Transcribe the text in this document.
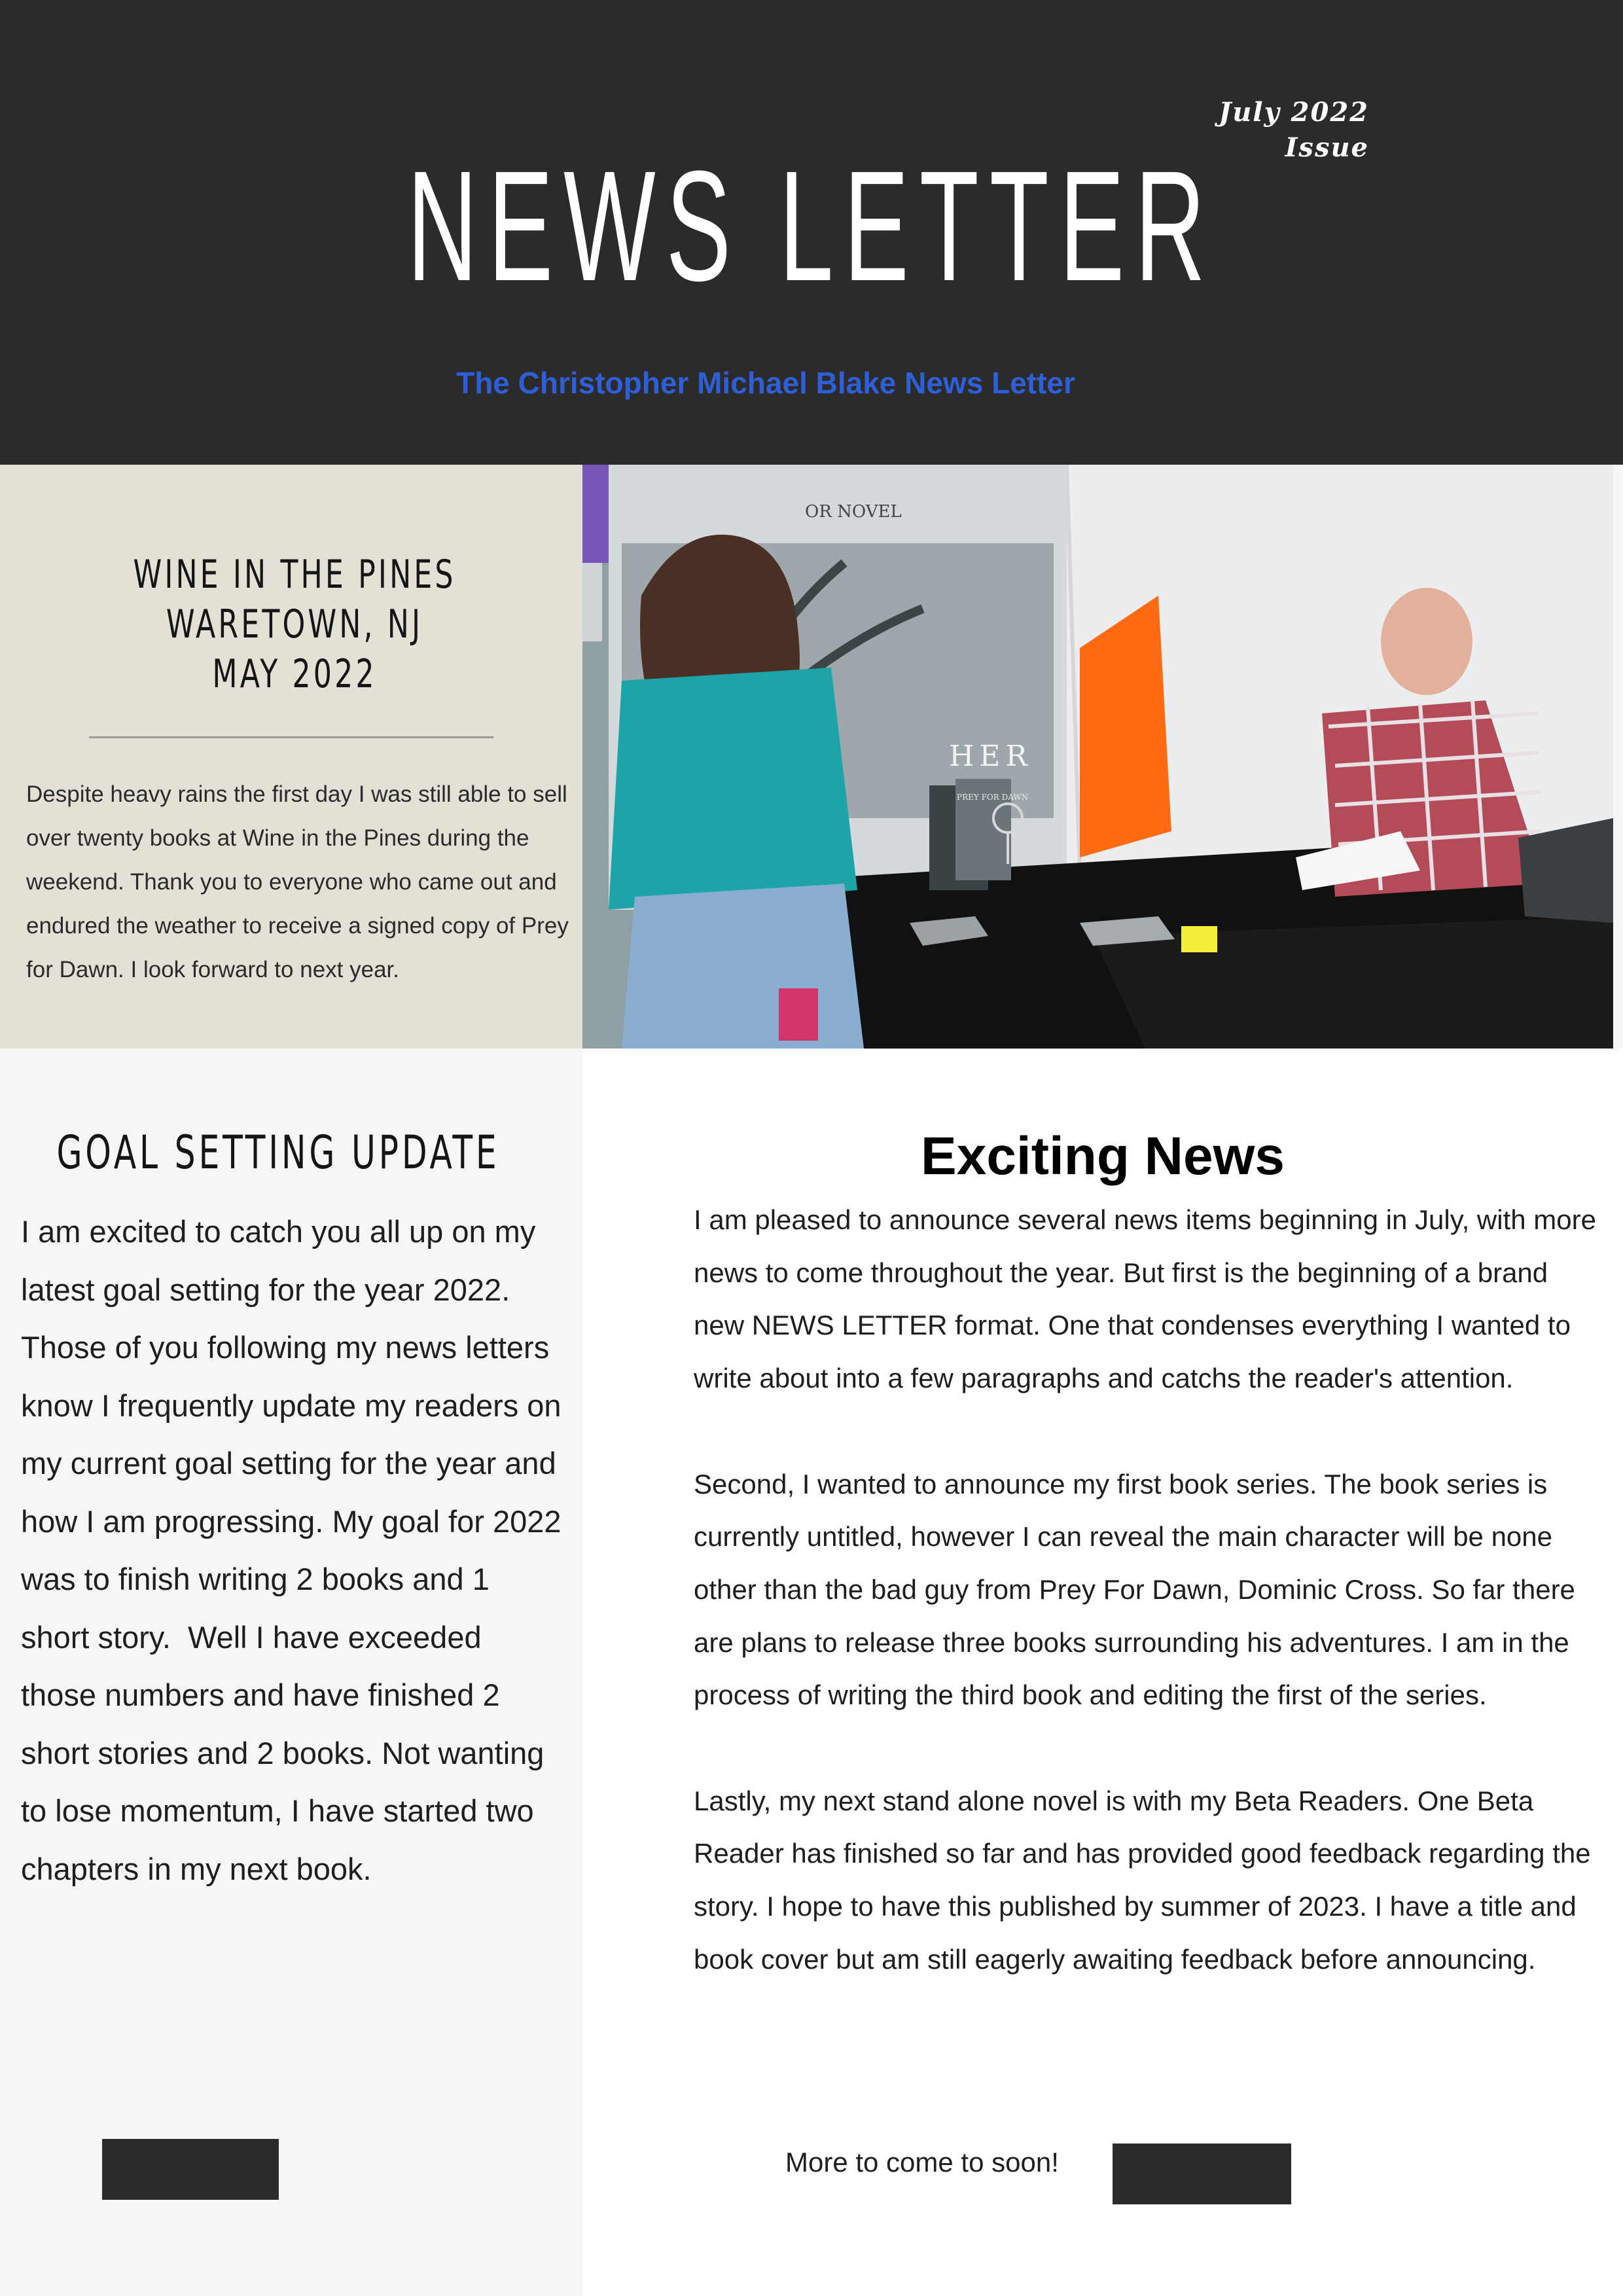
July 2022
Issue
NEWS LETTER
The Christopher Michael Blake News Letter
WINE IN THE PINES
WARETOWN, NJ
MAY 2022
Despite heavy rains the first day I was still able to sell over twenty books at Wine in the Pines during the weekend. Thank you to everyone who came out and endured the weather to receive a signed copy of Prey for Dawn. I look forward to next year.
OR NOVEL
HER
PREY FOR DAWN
GOAL SETTING UPDATE
I am excited to catch you all up on my latest goal setting for the year 2022.  Those of you following my news letters know I frequently update my readers on my current goal setting for the year and how I am progressing. My goal for 2022 was to finish writing 2 books and 1 short story.  Well I have exceeded those numbers and have finished 2 short stories and 2 books. Not wanting to lose momentum, I have started two chapters in my next book.
Exciting News

I am pleased to announce several news items beginning in July, with more news to come throughout the year. But first is the beginning of a brand new NEWS LETTER format. One that condenses everything I wanted to write about into a few paragraphs and catchs the reader's attention.

Second, I wanted to announce my first book series. The book series is currently untitled, however I can reveal the main character will be none other than the bad guy from Prey For Dawn, Dominic Cross. So far there are plans to release three books surrounding his adventures. I am in the process of writing the third book and editing the first of the series.

Lastly, my next stand alone novel is with my Beta Readers. One Beta Reader has finished so far and has provided good feedback regarding the story. I hope to have this published by summer of 2023. I have a title and book cover but am still eagerly awaiting feedback before announcing.

More to come to soon!
